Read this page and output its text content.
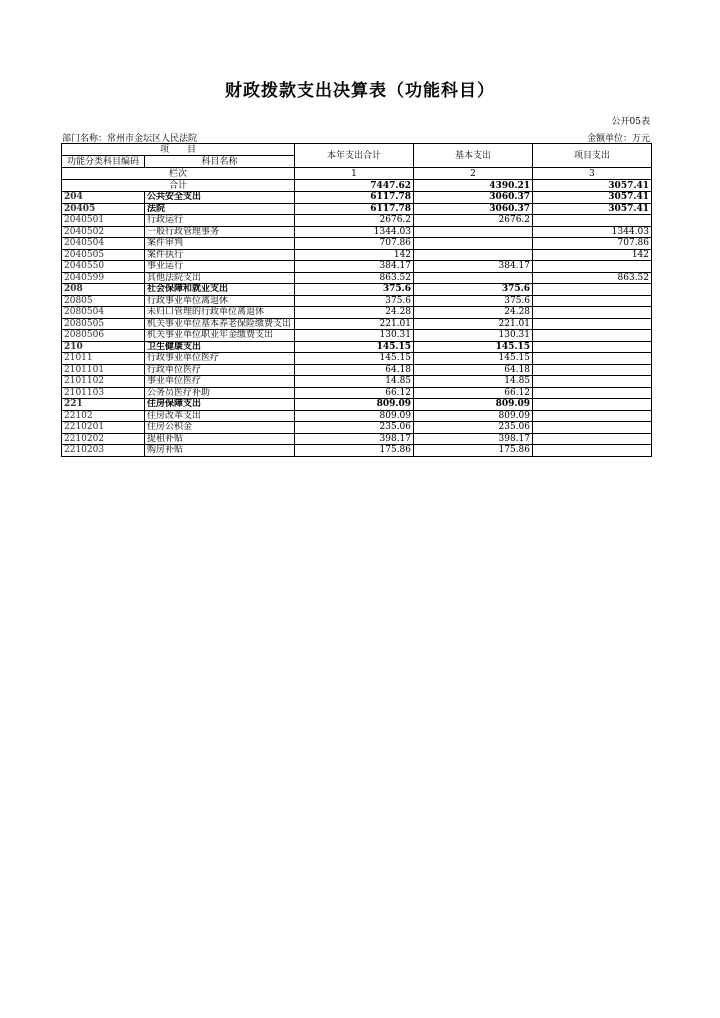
财政拨款支出决算表（功能科目）
公开05表
部门名称：常州市金坛区人民法院	金额单位：万元
项　　目		本年支出合计	基本支出	项目支出
功能分类科目编码	科目名称			
栏次		1	2	3
合计		7447.62	4390.21	3057.41
204	公共安全支出	6117.78	3060.37	3057.41
20405	法院	6117.78	3060.37	3057.41
2040501	行政运行	2676.2	2676.2	
2040502	一般行政管理事务	1344.03		1344.03
2040504	案件审判	707.86		707.86
2040505	案件执行	142		142
2040550	事业运行	384.17	384.17	
2040599	其他法院支出	863.52		863.52
208	社会保障和就业支出	375.6	375.6	
20805	行政事业单位离退休	375.6	375.6	
2080504	未归口管理的行政单位离退休	24.28	24.28	
2080505	机关事业单位基本养老保险缴费支出	221.01	221.01	
2080506	机关事业单位职业年金缴费支出	130.31	130.31	
210	卫生健康支出	145.15	145.15	
21011	行政事业单位医疗	145.15	145.15	
2101101	行政单位医疗	64.18	64.18	
2101102	事业单位医疗	14.85	14.85	
2101103	公务员医疗补助	66.12	66.12	
221	住房保障支出	809.09	809.09	
22102	住房改革支出	809.09	809.09	
2210201	住房公积金	235.06	235.06	
2210202	提租补贴	398.17	398.17	
2210203	购房补贴	175.86	175.86	
